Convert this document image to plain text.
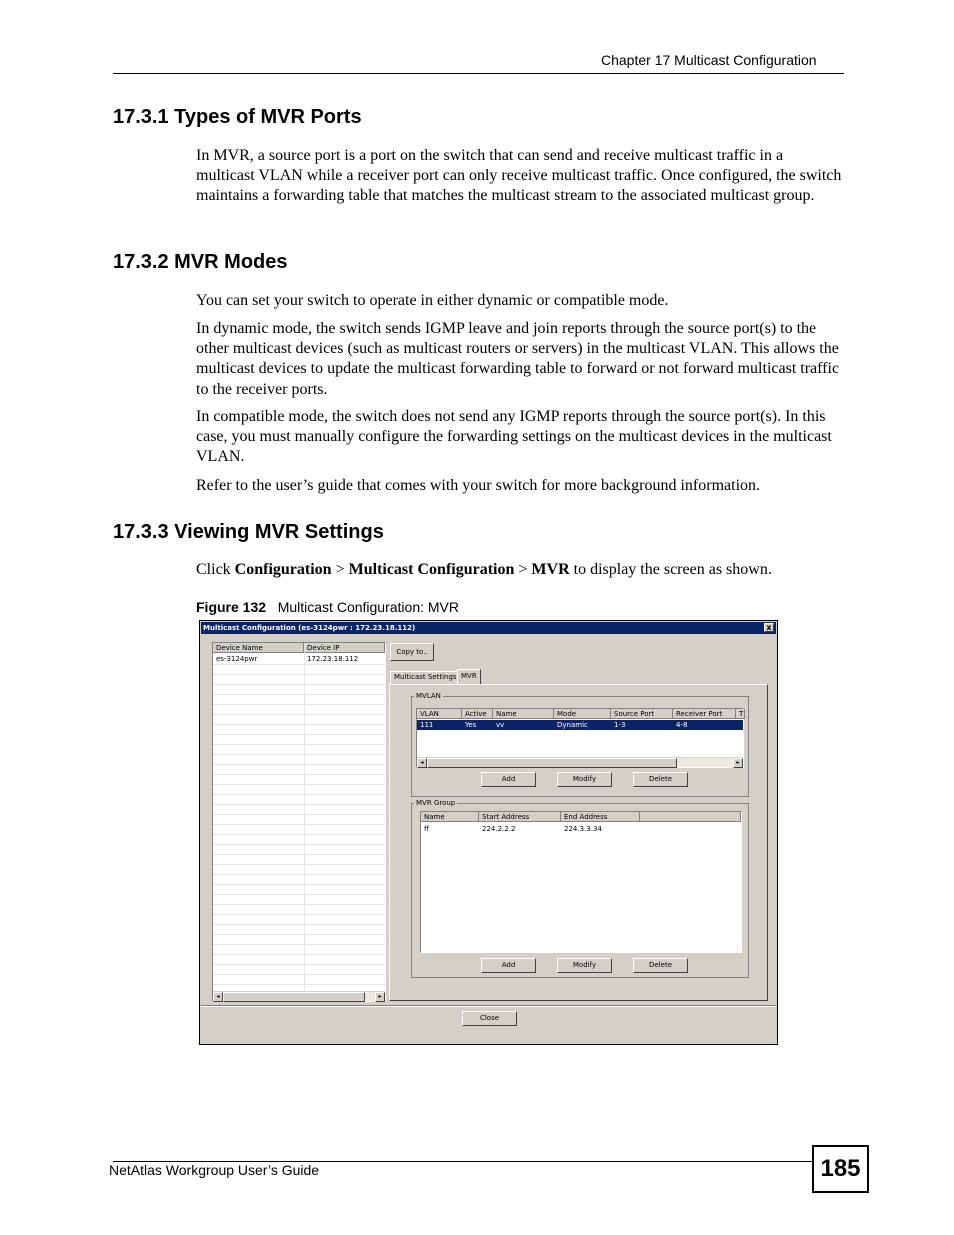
Chapter 17 Multicast Configuration
17.3.1 Types of MVR Ports

In MVR, a source port is a port on the switch that can send and receive multicast traffic in a multicast VLAN while a receiver port can only receive multicast traffic. Once configured, the switch maintains a forwarding table that matches the multicast stream to the associated multicast group.

17.3.2 MVR Modes

You can set your switch to operate in either dynamic or compatible mode.

In dynamic mode, the switch sends IGMP leave and join reports through the source port(s) to the other multicast devices (such as multicast routers or servers) in the multicast VLAN. This allows the multicast devices to update the multicast forwarding table to forward or not forward multicast traffic to the receiver ports.

In compatible mode, the switch does not send any IGMP reports through the source port(s). In this case, you must manually configure the forwarding settings on the multicast devices in the multicast VLAN.

Refer to the user’s guide that comes with your switch for more background information.

17.3.3 Viewing MVR Settings

Click Configuration > Multicast Configuration > MVR to display the screen as shown.

Figure 132 Multicast Configuration: MVR
Multicast Configuration (es-3124pwr : 172.23.18.112)	x
Device Name	Device IP
es-3124pwr	172.23.18.112
◂	▸
Copy to..
Multicast Settings MVR
MVLAN
VLAN	Active	Name	Mode	Source Port	Receiver Port	T
111	Yes	vv	Dynamic	1-3	4-8
◂	▸
Add	Modify	Delete
MVR Group
Name	Start Address	End Address
ff	224.2.2.2	224.3.3.34
Add	Modify	Delete
Close
NetAtlas Workgroup User’s Guide	185
